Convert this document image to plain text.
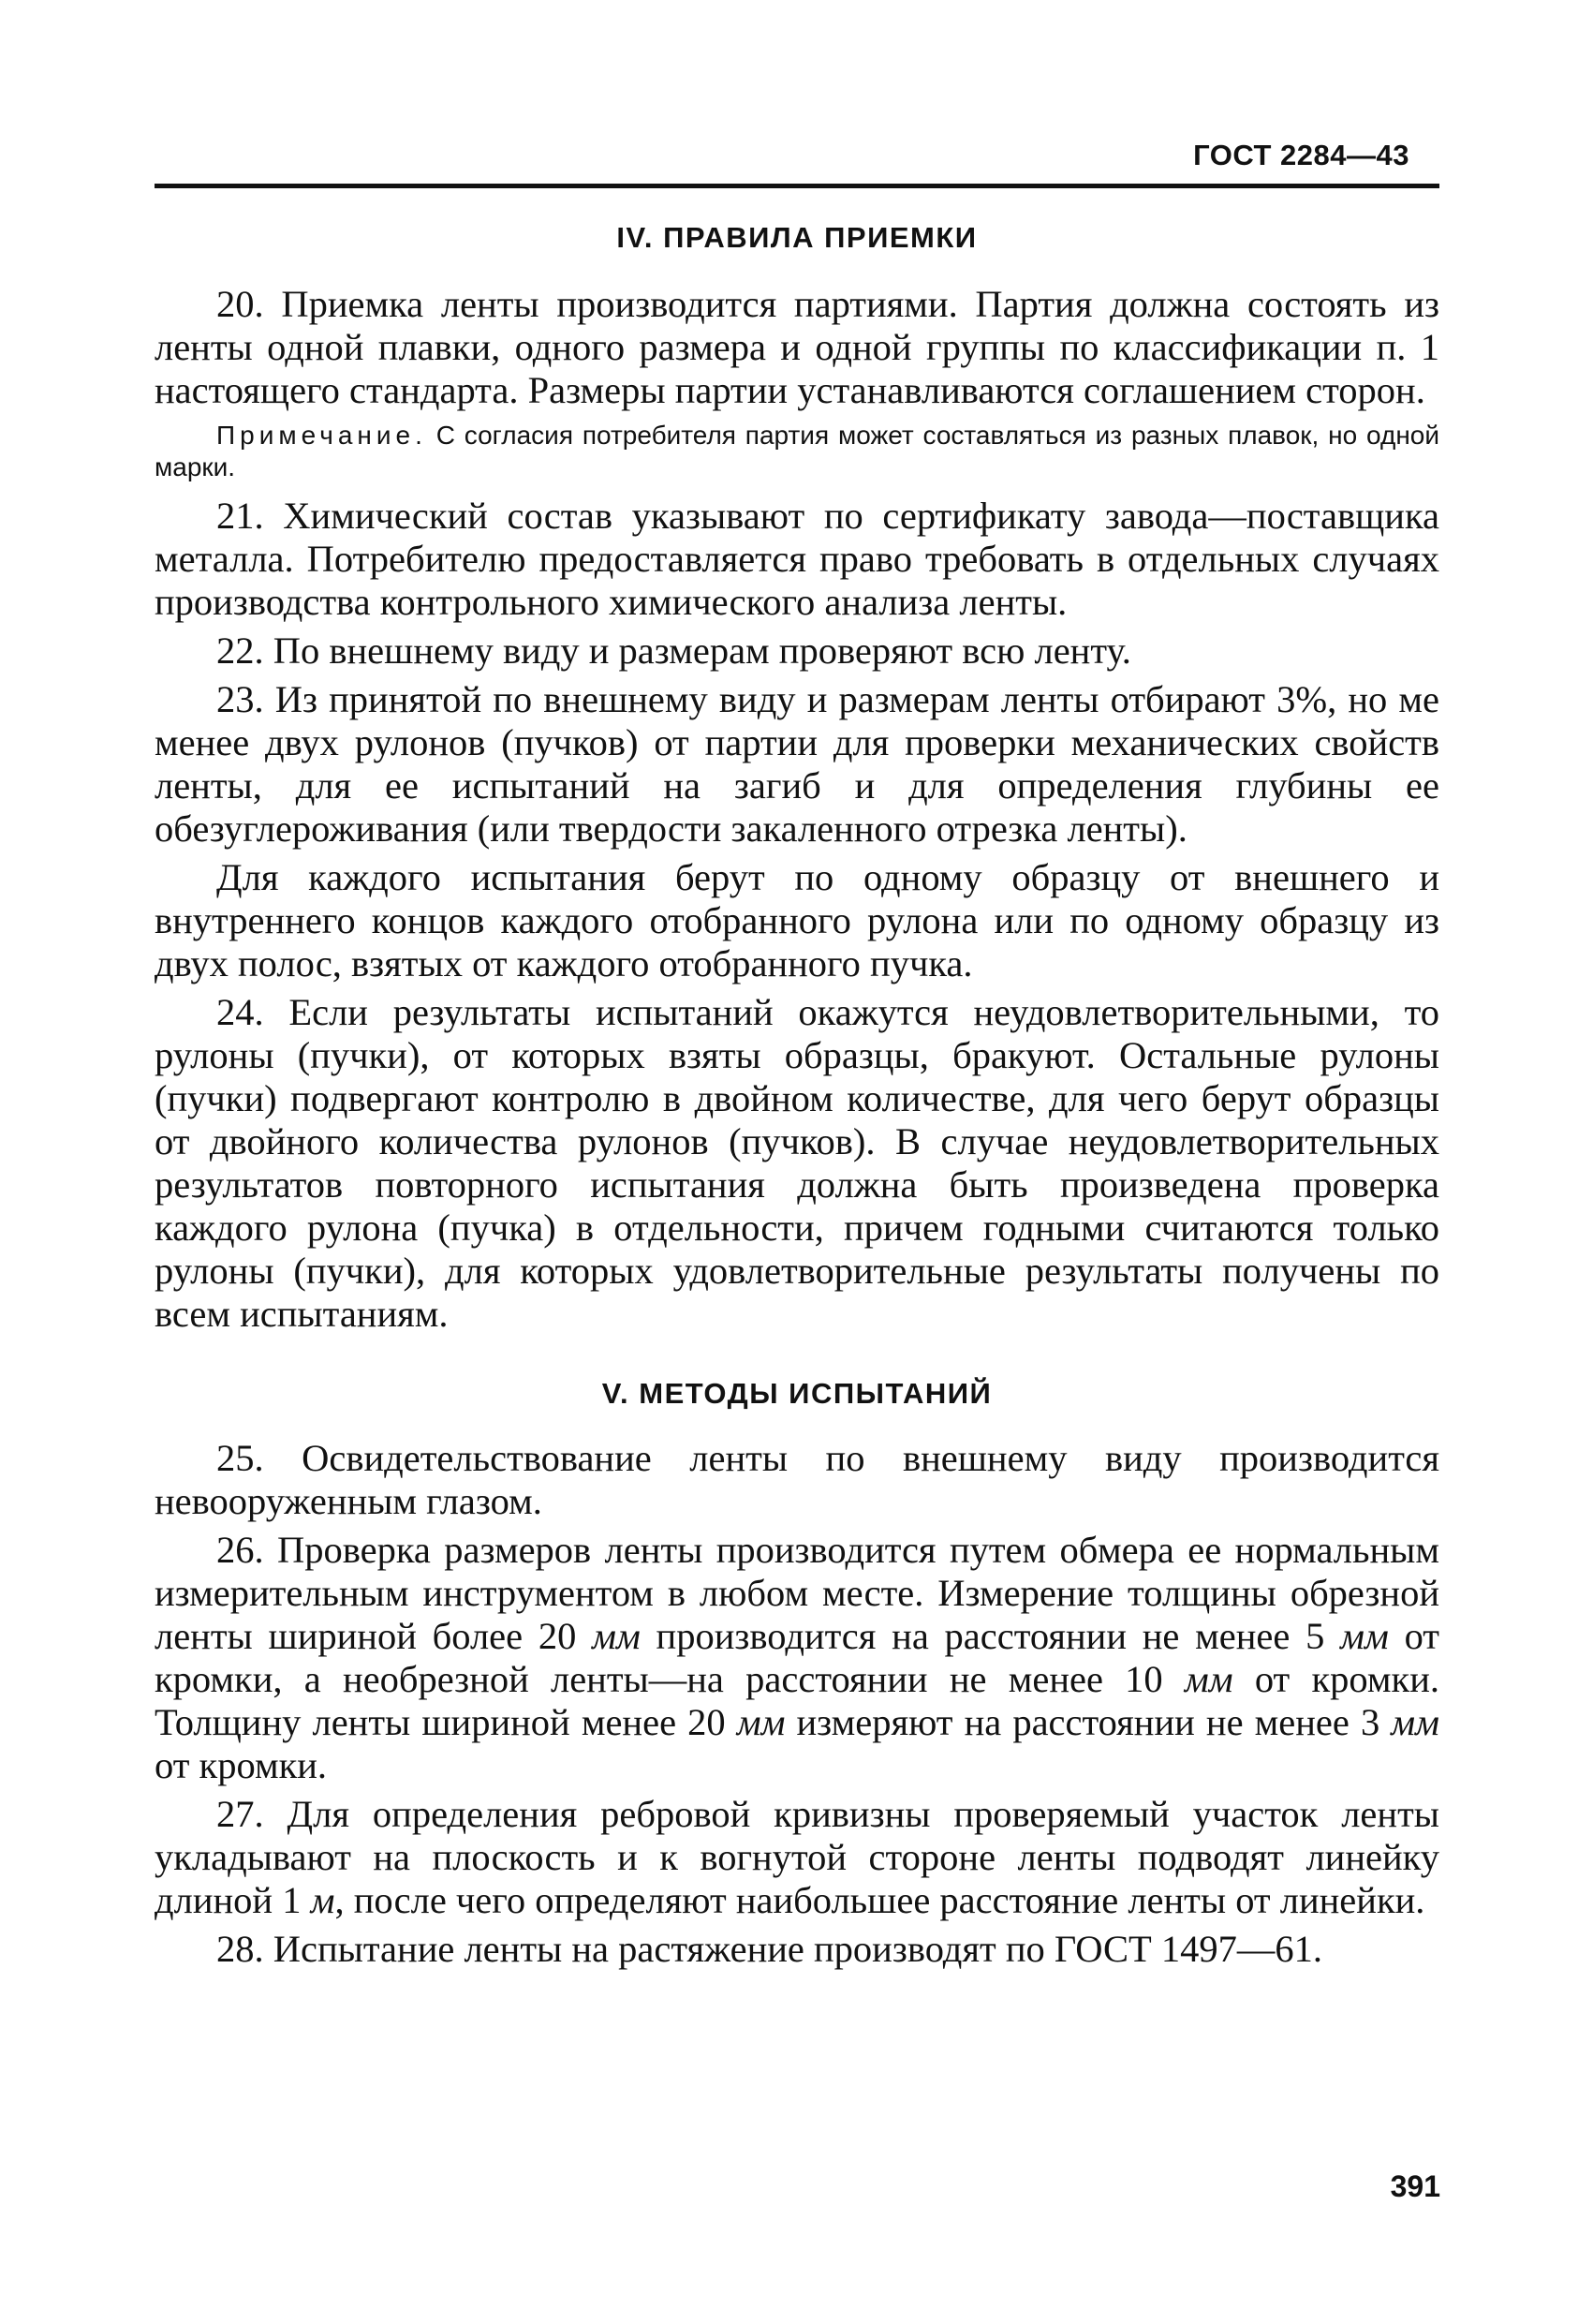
ГОСТ 2284—43
IV. ПРАВИЛА ПРИЕМКИ

20. Приемка ленты производится партиями. Партия должна состоять из ленты одной плавки, одного размера и одной группы по классификации п. 1 настоящего стандарта. Размеры партии устанавливаются соглашением сторон.

Примечание. С согласия потребителя партия может составляться из разных плавок, но одной марки.

21. Химический состав указывают по сертификату завода—поставщика металла. Потребителю предоставляется право требовать в отдельных случаях производства контрольного химического анализа ленты.

22. По внешнему виду и размерам проверяют всю ленту.

23. Из принятой по внешнему виду и размерам ленты отбирают 3%, но ме менее двух рулонов (пучков) от партии для проверки механических свойств ленты, для ее испытаний на загиб и для определения глубины ее обезуглероживания (или твердости закаленного отрезка ленты).

Для каждого испытания берут по одному образцу от внешнего и внутреннего концов каждого отобранного рулона или по одному образцу из двух полос, взятых от каждого отобранного пучка.

24. Если результаты испытаний окажутся неудовлетворительными, то рулоны (пучки), от которых взяты образцы, бракуют. Остальные рулоны (пучки) подвергают контролю в двойном количестве, для чего берут образцы от двойного количества рулонов (пучков). В случае неудовлетворительных результатов повторного испытания должна быть произведена проверка каждого рулона (пучка) в отдельности, причем годными считаются только рулоны (пучки), для которых удовлетворительные результаты получены по всем испытаниям.

V. МЕТОДЫ ИСПЫТАНИЙ

25. Освидетельствование ленты по внешнему виду производится невооруженным глазом.

26. Проверка размеров ленты производится путем обмера ее нормальным измерительным инструментом в любом месте. Измерение толщины обрезной ленты шириной более 20 мм производится на расстоянии не менее 5 мм от кромки, а необрезной ленты—на расстоянии не менее 10 мм от кромки. Толщину ленты шириной менее 20 мм измеряют на расстоянии не менее 3 мм от кромки.

27. Для определения ребровой кривизны проверяемый участок ленты укладывают на плоскость и к вогнутой стороне ленты подводят линейку длиной 1 м, после чего определяют наибольшее расстояние ленты от линейки.

28. Испытание ленты на растяжение производят по ГОСТ 1497—61.

391
